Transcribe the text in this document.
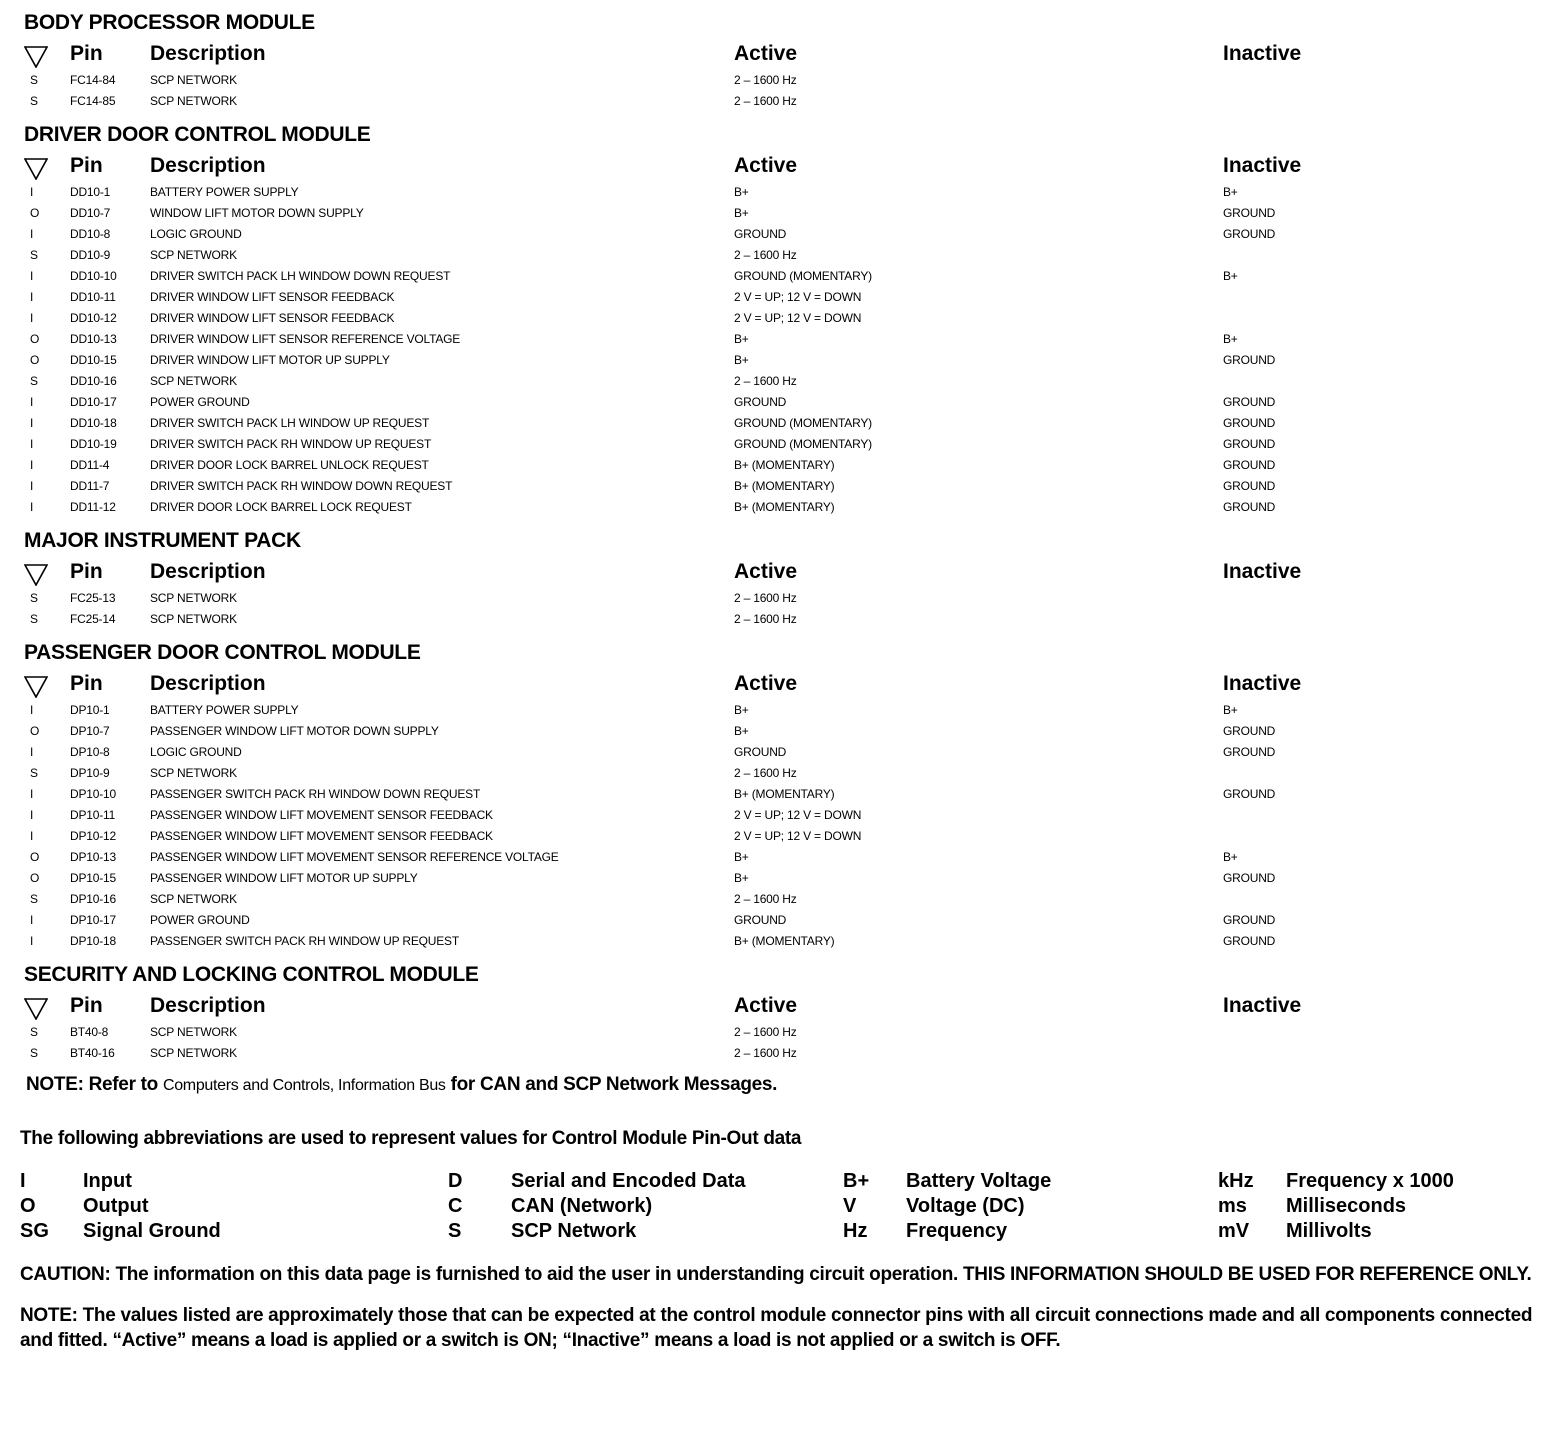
BODY PROCESSOR MODULE
Pin Description	Active	Inactive
S	FC14-84	SCP NETWORK	2 – 1600 Hz
S	FC14-85	SCP NETWORK	2 – 1600 Hz
DRIVER DOOR CONTROL MODULE
Pin Description	Active	Inactive
I	DD10-1	BATTERY POWER SUPPLY	B+	B+
O	DD10-7	WINDOW LIFT MOTOR DOWN SUPPLY	B+	GROUND
I	DD10-8	LOGIC GROUND	GROUND	GROUND
S	DD10-9	SCP NETWORK	2 – 1600 Hz
I	DD10-10	DRIVER SWITCH PACK LH WINDOW DOWN REQUEST	GROUND (MOMENTARY)	B+
I	DD10-11	DRIVER WINDOW LIFT SENSOR FEEDBACK	2 V = UP; 12 V = DOWN
I	DD10-12	DRIVER WINDOW LIFT SENSOR FEEDBACK	2 V = UP; 12 V = DOWN
O	DD10-13	DRIVER WINDOW LIFT SENSOR REFERENCE VOLTAGE	B+	B+
O	DD10-15	DRIVER WINDOW LIFT MOTOR UP SUPPLY	B+	GROUND
S	DD10-16	SCP NETWORK	2 – 1600 Hz
I	DD10-17	POWER GROUND	GROUND	GROUND
I	DD10-18	DRIVER SWITCH PACK LH WINDOW UP REQUEST	GROUND (MOMENTARY)	GROUND
I	DD10-19	DRIVER SWITCH PACK RH WINDOW UP REQUEST	GROUND (MOMENTARY)	GROUND
I	DD11-4	DRIVER DOOR LOCK BARREL UNLOCK REQUEST	B+ (MOMENTARY)	GROUND
I	DD11-7	DRIVER SWITCH PACK RH WINDOW DOWN REQUEST	B+ (MOMENTARY)	GROUND
I	DD11-12	DRIVER DOOR LOCK BARREL LOCK REQUEST	B+ (MOMENTARY)	GROUND
MAJOR INSTRUMENT PACK
Pin Description	Active	Inactive
S	FC25-13	SCP NETWORK	2 – 1600 Hz
S	FC25-14	SCP NETWORK	2 – 1600 Hz
PASSENGER DOOR CONTROL MODULE
Pin Description	Active	Inactive
I	DP10-1	BATTERY POWER SUPPLY	B+	B+
O	DP10-7	PASSENGER WINDOW LIFT MOTOR DOWN SUPPLY	B+	GROUND
I	DP10-8	LOGIC GROUND	GROUND	GROUND
S	DP10-9	SCP NETWORK	2 – 1600 Hz
I	DP10-10	PASSENGER SWITCH PACK RH WINDOW DOWN REQUEST	B+ (MOMENTARY)	GROUND
I	DP10-11	PASSENGER WINDOW LIFT MOVEMENT SENSOR FEEDBACK	2 V = UP; 12 V = DOWN
I	DP10-12	PASSENGER WINDOW LIFT MOVEMENT SENSOR FEEDBACK	2 V = UP; 12 V = DOWN
O	DP10-13	PASSENGER WINDOW LIFT MOVEMENT SENSOR REFERENCE VOLTAGE	B+	B+
O	DP10-15	PASSENGER WINDOW LIFT MOTOR UP SUPPLY	B+	GROUND
S	DP10-16	SCP NETWORK	2 – 1600 Hz
I	DP10-17	POWER GROUND	GROUND	GROUND
I	DP10-18	PASSENGER SWITCH PACK RH WINDOW UP REQUEST	B+ (MOMENTARY)	GROUND
SECURITY AND LOCKING CONTROL MODULE
Pin Description	Active	Inactive
S	BT40-8	SCP NETWORK	2 – 1600 Hz
S	BT40-16	SCP NETWORK	2 – 1600 Hz
NOTE: Refer to Computers and Controls, Information Bus for CAN and SCP Network Messages.
The following abbreviations are used to represent values for Control Module Pin-Out data
I	Input	D Serial and Encoded Data	B+ Battery Voltage	kHz Frequency x 1000
O Output	C CAN (Network)	V Voltage (DC)	ms Milliseconds
SG Signal Ground	S SCP Network	Hz Frequency	mV Millivolts
CAUTION: The information on this data page is furnished to aid the user in understanding circuit operation. THIS INFORMATION SHOULD BE USED FOR REFERENCE ONLY.
NOTE: The values listed are approximately those that can be expected at the control module connector pins with all circuit connections made and all components connected and fitted. “Active” means a load is applied or a switch is ON; “Inactive” means a load is not applied or a switch is OFF.
